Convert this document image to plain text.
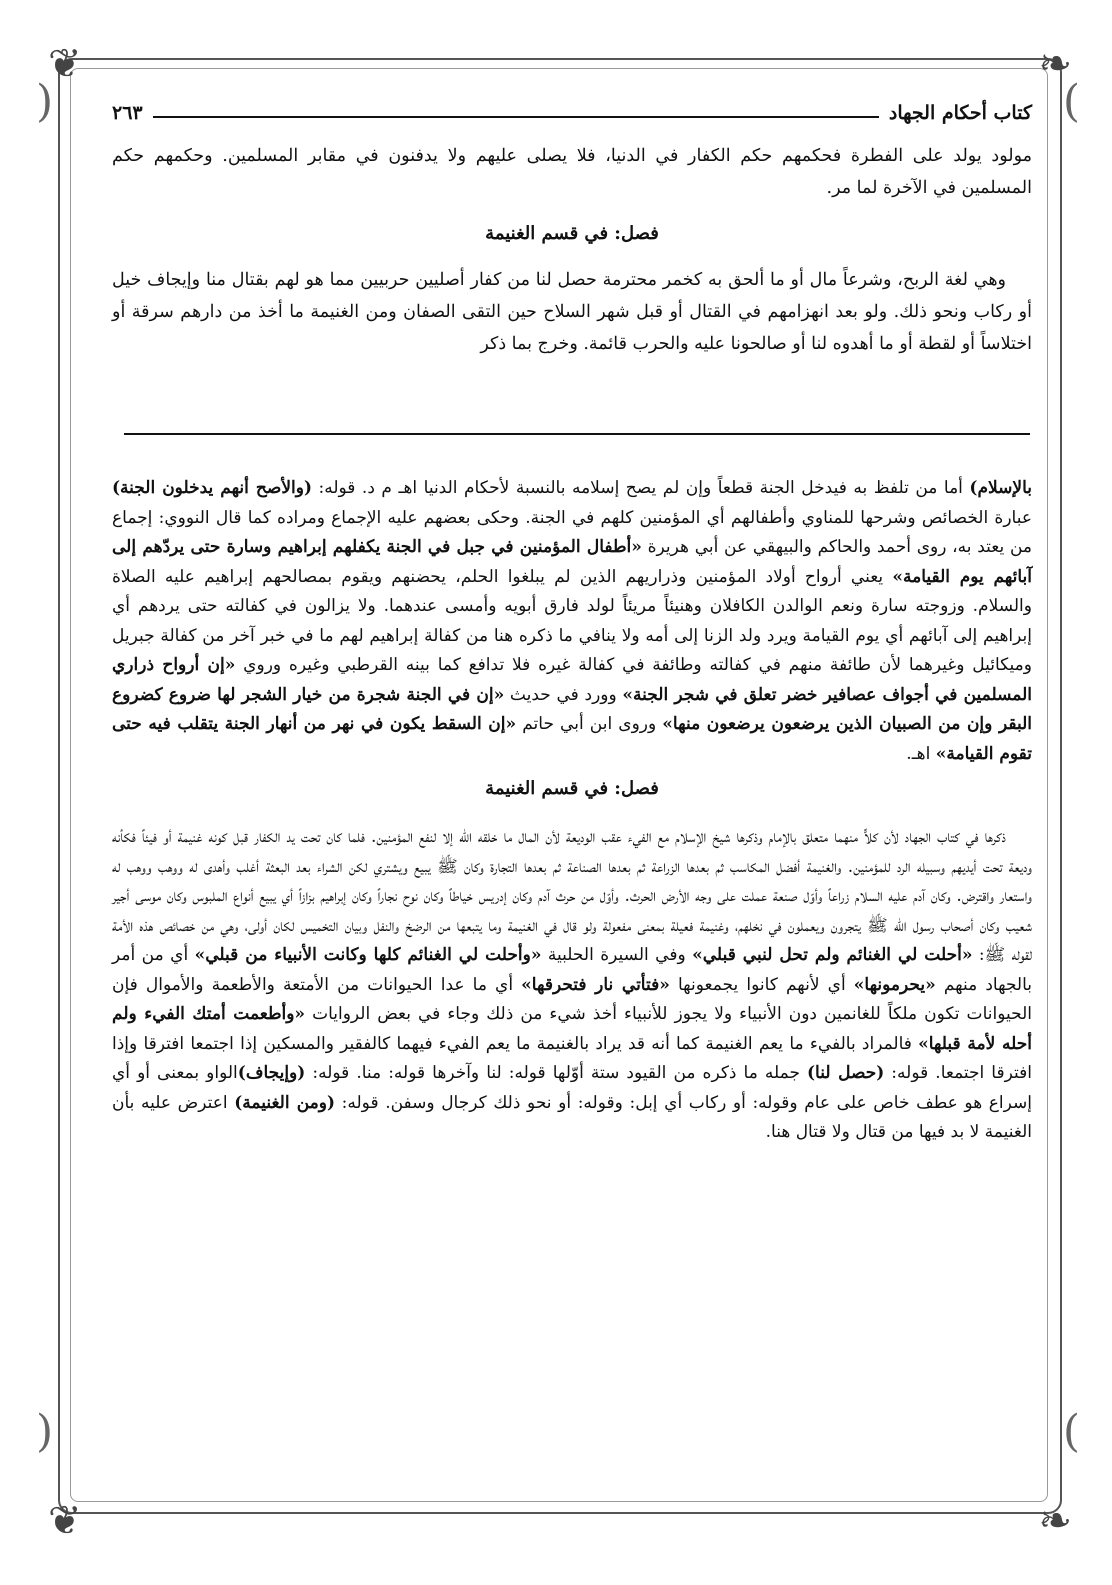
❦	❧
❦	❧
(	)
(	)
كتاب أحكام الجهاد
٢٦٣

مولود يولد على الفطرة فحكمهم حكم الكفار في الدنيا، فلا يصلى عليهم ولا يدفنون في مقابر المسلمين. وحكمهم حكم المسلمين في الآخرة لما مر.

فصل: في قسم الغنيمة

وهي لغة الربح، وشرعاً مال أو ما ألحق به كخمر محترمة حصل لنا من كفار أصليين حربيين مما هو لهم بقتال منا وإيجاف خيل أو ركاب ونحو ذلك. ولو بعد انهزامهم في القتال أو قبل شهر السلاح حين التقى الصفان ومن الغنيمة ما أخذ من دارهم سرقة أو اختلاساً أو لقطة أو ما أهدوه لنا أو صالحونا عليه والحرب قائمة. وخرج بما ذكر

بالإسلام) أما من تلفظ به فيدخل الجنة قطعاً وإن لم يصح إسلامه بالنسبة لأحكام الدنيا اهـ م د. قوله: (والأصح أنهم يدخلون الجنة) عبارة الخصائص وشرحها للمناوي وأطفالهم أي المؤمنين كلهم في الجنة. وحكى بعضهم عليه الإجماع ومراده كما قال النووي: إجماع من يعتد به، روى أحمد والحاكم والبيهقي عن أبي هريرة «أطفال المؤمنين في جبل في الجنة يكفلهم إبراهيم وسارة حتى يردّهم إلى آبائهم يوم القيامة» يعني أرواح أولاد المؤمنين وذراريهم الذين لم يبلغوا الحلم، يحضنهم ويقوم بمصالحهم إبراهيم عليه الصلاة والسلام. وزوجته سارة ونعم الوالدن الكافلان وهنيئاً مريئاً لولد فارق أبويه وأمسى عندهما. ولا يزالون في كفالته حتى يردهم أي إبراهيم إلى آبائهم أي يوم القيامة ويرد ولد الزنا إلى أمه ولا ينافي ما ذكره هنا من كفالة إبراهيم لهم ما في خبر آخر من كفالة جبريل وميكائيل وغيرهما لأن طائفة منهم في كفالته وطائفة في كفالة غيره فلا تدافع كما بينه القرطبي وغيره وروي «إن أرواح ذراري المسلمين في أجواف عصافير خضر تعلق في شجر الجنة» وورد في حديث «إن في الجنة شجرة من خيار الشجر لها ضروع كضروع البقر وإن من الصبيان الذين يرضعون يرضعون منها» وروى ابن أبي حاتم «إن السقط يكون في نهر من أنهار الجنة يتقلب فيه حتى تقوم القيامة» اهـ.

فصل: في قسم الغنيمة

ذكرها في كتاب الجهاد لأن كلاًّ منهما متعلق بالإمام وذكرها شيخ الإسلام مع الفيء عقب الوديعة لأن المال ما خلقه الله إلا لنفع المؤمنين. فلما كان تحت يد الكفار قبل كونه غنيمة أو فيئاً فكأنه وديعة تحت أيديهم وسبيله الرد للمؤمنين. والغنيمة أفضل المكاسب ثم بعدها الزراعة ثم بعدها الصناعة ثم بعدها التجارة وكان ﷺ يبيع ويشتري لكن الشراء بعد البعثة أغلب وأهدى له ووهب ووهب له واستعار واقترض. وكان آدم عليه السلام زراعاً وأوّل صنعة عملت على وجه الأرض الحرث. وأوّل من حرث آدم وكان إدريس خياطاً وكان نوح نجاراً وكان إبراهيم بزازاً أي يبيع أنواع الملبوس وكان موسى أجير شعيب وكان أصحاب رسول الله ﷺ يتجرون ويعملون في نخلهم، وغنيمة فعيلة بمعنى مفعولة ولو قال في الغنيمة وما يتبعها من الرضخ والنفل وبيان التخميس لكان أولى، وهي من خصائص هذه الأمة لقوله ﷺ: «أحلت لي الغنائم ولم تحل لنبي قبلي» وفي السيرة الحلبية «وأحلت لي الغنائم كلها وكانت الأنبياء من قبلي» أي من أمر بالجهاد منهم «يحرمونها» أي لأنهم كانوا يجمعونها «فتأتي نار فتحرقها» أي ما عدا الحيوانات من الأمتعة والأطعمة والأموال فإن الحيوانات تكون ملكاً للغانمين دون الأنبياء ولا يجوز للأنبياء أخذ شيء من ذلك وجاء في بعض الروايات «وأطعمت أمتك الفيء ولم أحله لأمة قبلها» فالمراد بالفيء ما يعم الغنيمة كما أنه قد يراد بالغنيمة ما يعم الفيء فيهما كالفقير والمسكين إذا اجتمعا افترقا وإذا افترقا اجتمعا. قوله: (حصل لنا) جمله ما ذكره من القيود ستة أوّلها قوله: لنا وآخرها قوله: منا. قوله: (وإيجاف)الواو بمعنى أو أي إسراع هو عطف خاص على عام وقوله: أو ركاب أي إبل: وقوله: أو نحو ذلك كرجال وسفن. قوله: (ومن الغنيمة) اعترض عليه بأن الغنيمة لا بد فيها من قتال ولا قتال هنا.
